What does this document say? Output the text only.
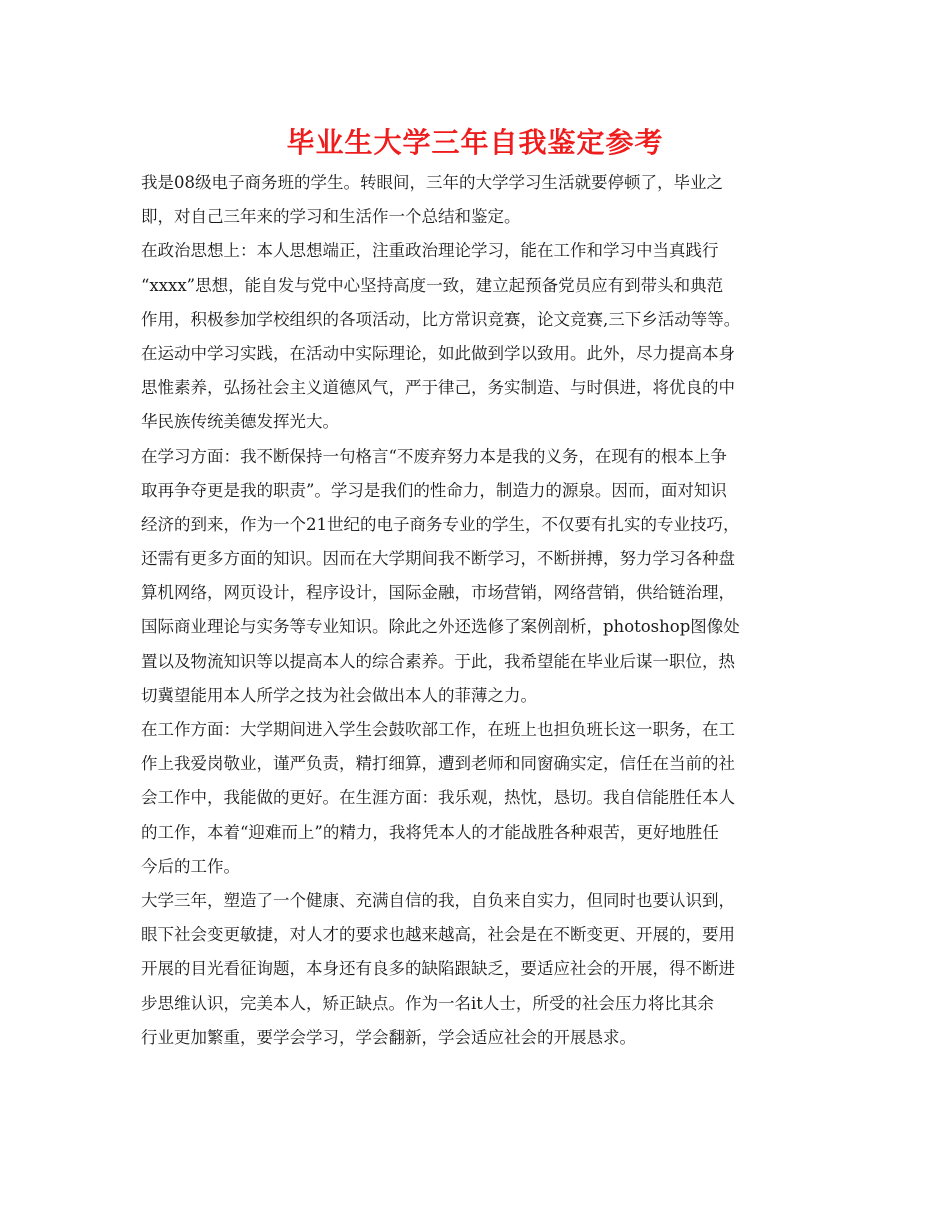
毕业生大学三年自我鉴定参考
我是08级电子商务班的学生。转眼间，三年的大学学习生活就要停顿了，毕业之
即，对自己三年来的学习和生活作一个总结和鉴定。
在政治思想上：本人思想端正，注重政治理论学习，能在工作和学习中当真践行
“xxxx”思想，能自发与党中心坚持高度一致，建立起预备党员应有到带头和典范
作用，积极参加学校组织的各项活动，比方常识竞赛，论文竞赛,三下乡活动等等。
在运动中学习实践，在活动中实际理论，如此做到学以致用。此外，尽力提高本身
思惟素养，弘扬社会主义道德风气，严于律己，务实制造、与时俱进，将优良的中
华民族传统美德发挥光大。
在学习方面：我不断保持一句格言“不废弃努力本是我的义务，在现有的根本上争
取再争夺更是我的职责”。学习是我们的性命力，制造力的源泉。因而，面对知识
经济的到来，作为一个21世纪的电子商务专业的学生，不仅要有扎实的专业技巧，
还需有更多方面的知识。因而在大学期间我不断学习，不断拼搏，努力学习各种盘
算机网络，网页设计，程序设计，国际金融，市场营销，网络营销，供给链治理，
国际商业理论与实务等专业知识。除此之外还选修了案例剖析，photoshop图像处
置以及物流知识等以提高本人的综合素养。于此，我希望能在毕业后谋一职位，热
切冀望能用本人所学之技为社会做出本人的菲薄之力。
在工作方面：大学期间进入学生会鼓吹部工作，在班上也担负班长这一职务，在工
作上我爱岗敬业，谨严负责，精打细算，遭到老师和同窗确实定，信任在当前的社
会工作中，我能做的更好。在生涯方面：我乐观，热忱，恳切。我自信能胜任本人
的工作，本着“迎难而上”的精力，我将凭本人的才能战胜各种艰苦，更好地胜任
今后的工作。
大学三年，塑造了一个健康、充满自信的我，自负来自实力，但同时也要认识到，
眼下社会变更敏捷，对人才的要求也越来越高，社会是在不断变更、开展的，要用
开展的目光看征询题，本身还有良多的缺陷跟缺乏，要适应社会的开展，得不断进
步思维认识，完美本人，矫正缺点。作为一名it人士，所受的社会压力将比其余
行业更加繁重，要学会学习，学会翻新，学会适应社会的开展恳求。
